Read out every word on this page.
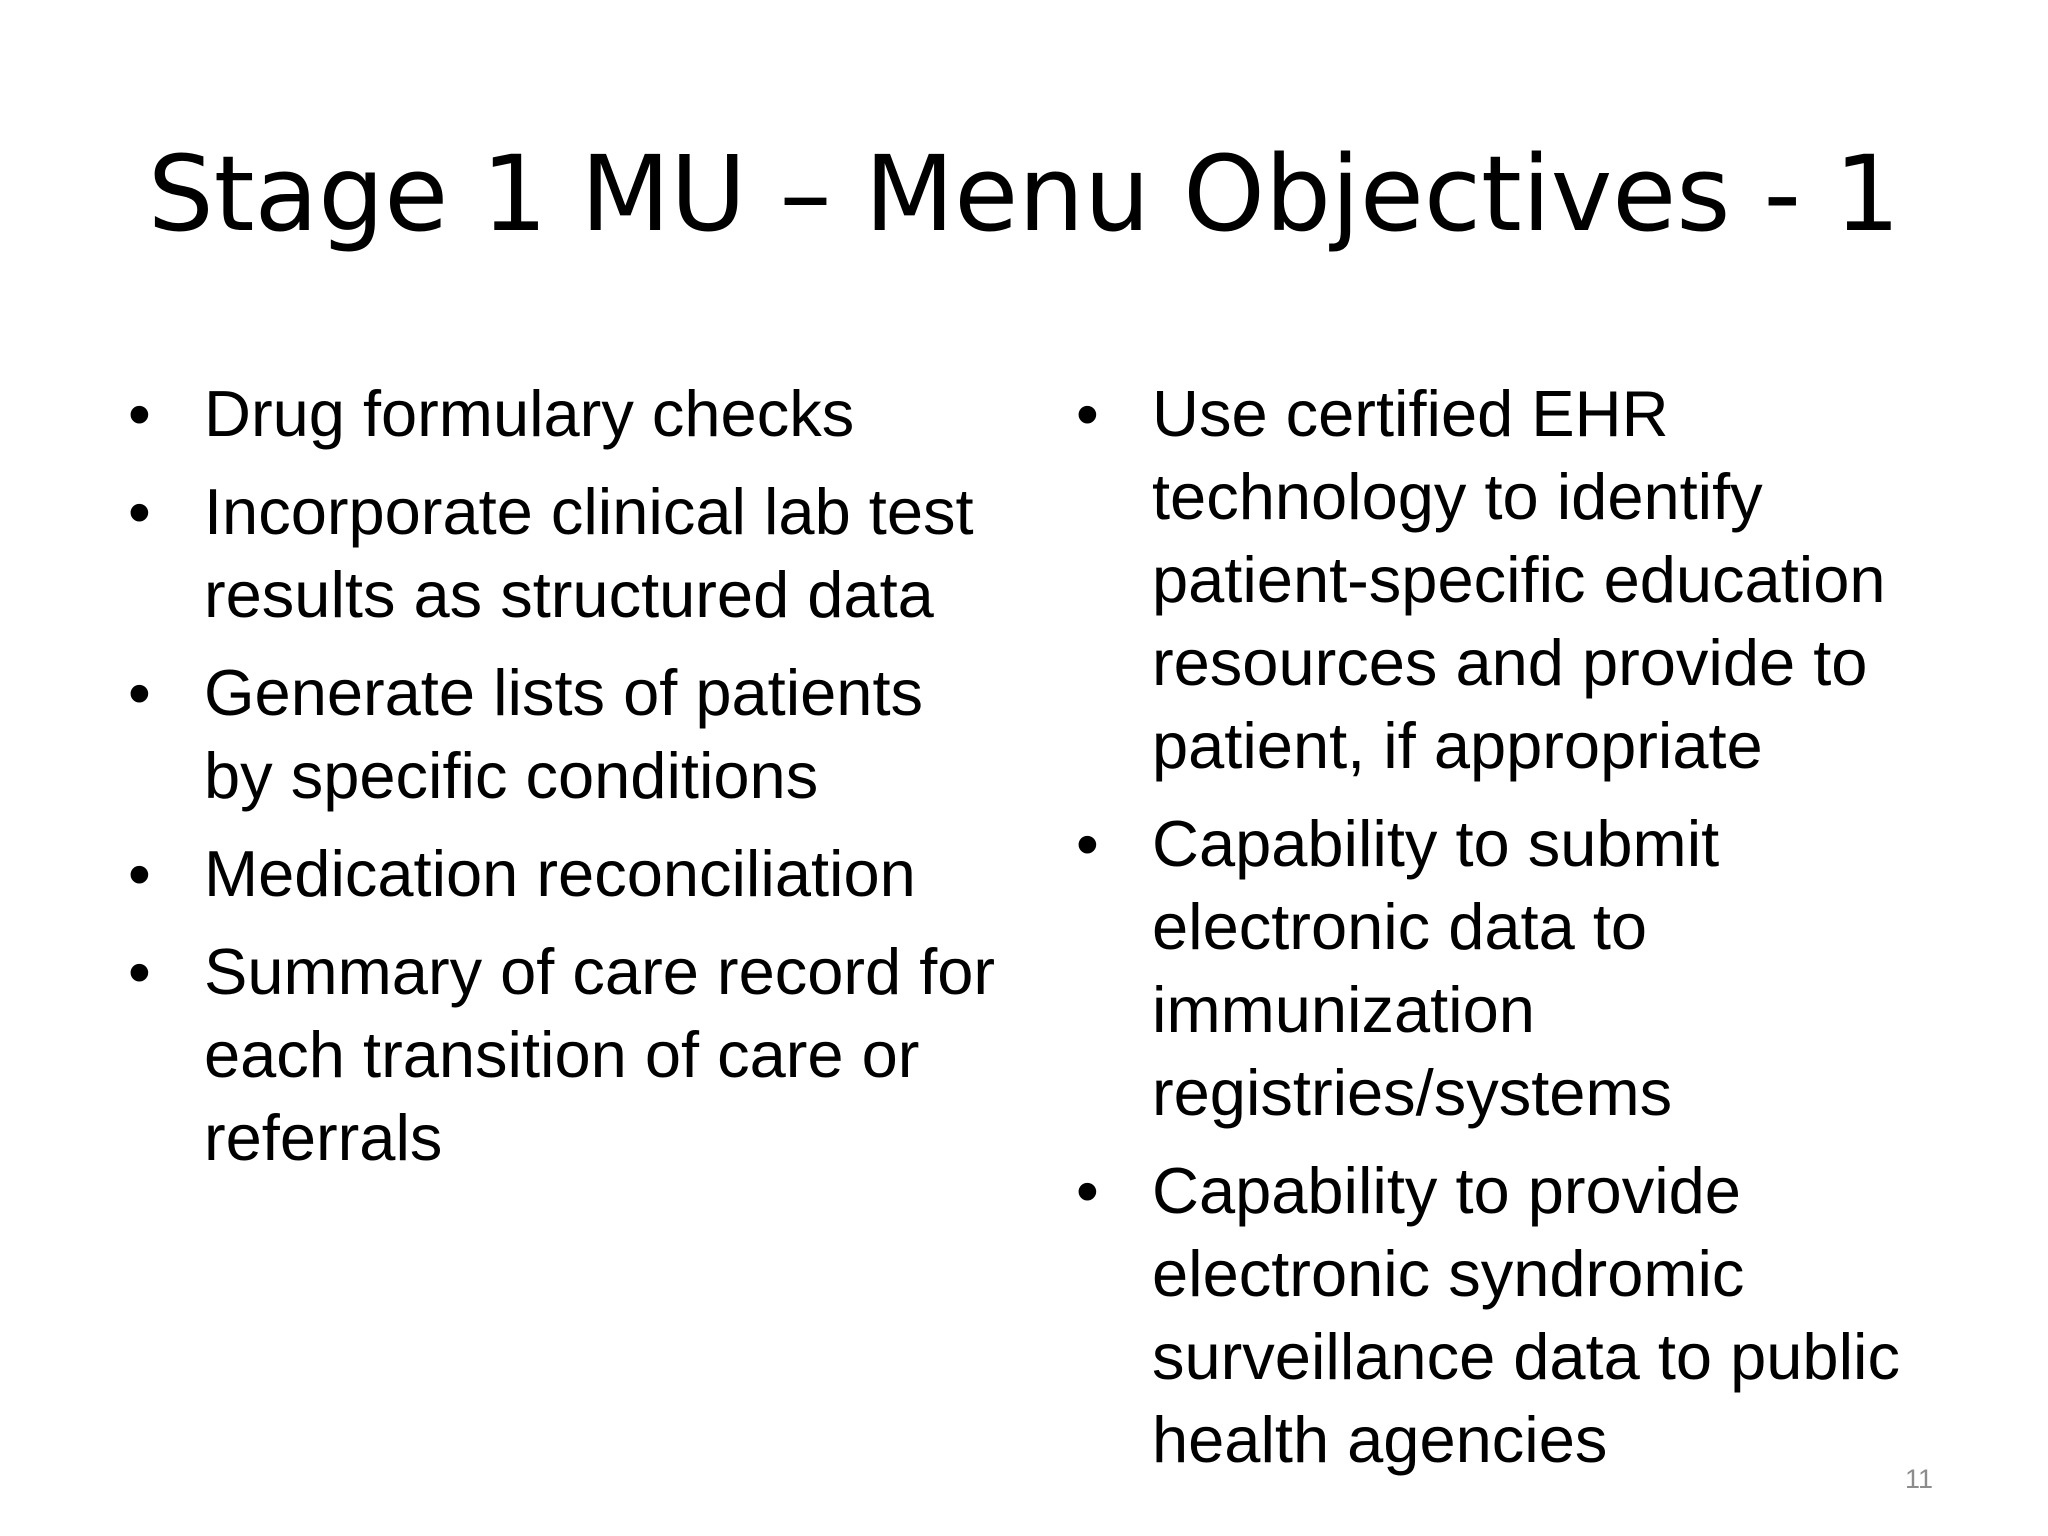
Stage 1 MU – Menu Objectives - 1
• Drug formulary checks
• Incorporate clinical lab test results as structured data
• Generate lists of patients by specific conditions
• Medication reconciliation
• Summary of care record for each transition of care or referrals
• Use certified EHR technology to identify patient-specific education resources and provide to patient, if appropriate
• Capability to submit electronic data to immunization registries/systems
• Capability to provide electronic syndromic surveillance data to public health agencies
11
